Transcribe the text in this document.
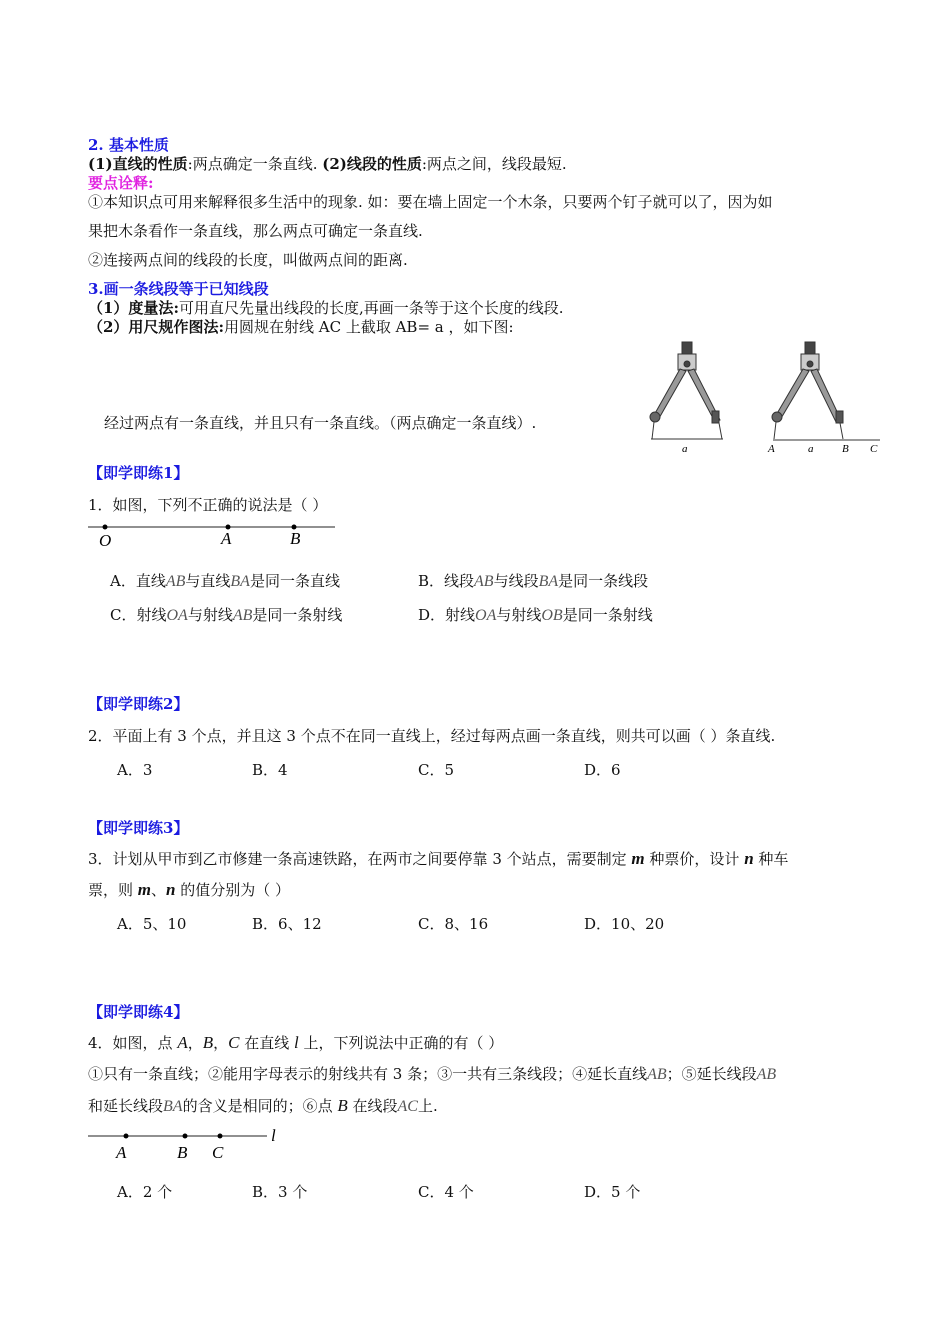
2. 基本性质
(1)直线的性质:两点确定一条直线. (2)线段的性质:两点之间，线段最短.
要点诠释:
①本知识点可用来解释很多生活中的现象. 如：要在墙上固定一个木条，只要两个钉子就可以了，因为如
果把木条看作一条直线，那么两点可确定一条直线.
②连接两点间的线段的长度，叫做两点间的距离.
3.画一条线段等于已知线段
（1）度量法:可用直尺先量出线段的长度,再画一条等于这个长度的线段.
（2）用尺规作图法:用圆规在射线 AC 上截取 AB= a ，如下图:
经过两点有一条直线，并且只有一条直线。（两点确定一条直线）.
【即学即练1】
1．如图，下列不正确的说法是（ ）
【即学即练2】
2．平面上有 3 个点，并且这 3 个点不在同一直线上，经过每两点画一条直线，则共可以画（ ）条直线.
【即学即练3】
3．计划从甲市到乙市修建一条高速铁路，在两市之间要停靠 3 个站点，需要制定 m 种票价，设计 n 种车
票，则 m、n 的值分别为（ ）
【即学即练4】
4．如图，点 A，B，C 在直线 l 上，下列说法中正确的有（ ）
①只有一条直线；②能用字母表示的射线共有 3 条；③一共有三条线段；④延长直线AB；⑤延长线段AB
和延长线段BA的含义是相同的；⑥点 B 在线段AC上.
A．直线AB与直线BA是同一条直线	B．线段AB与线段BA是同一条线段
C．射线OA与射线AB是同一条射线	D．射线OA与射线OB是同一条射线
A．3	B．4	C．5	D．6
A．5、10	B．6、12	C．8、16	D．10、20
A．2 个	B．3 个	C．4 个	D．5 个
a	A	a	B C
O	A	B
l
A	B C
